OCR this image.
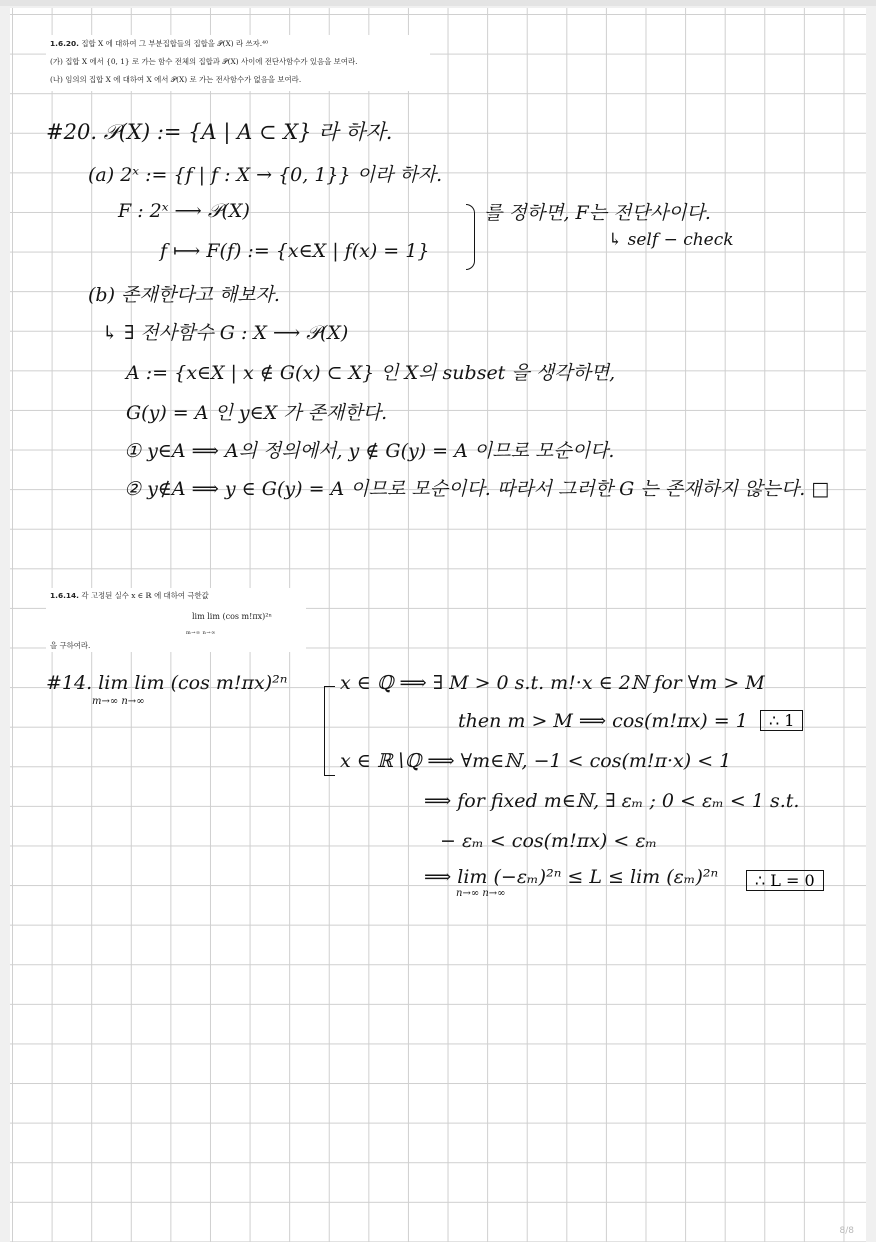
1.6.20. 집합 X 에 대하여 그 부분집합들의 집합을 𝒫(X) 라 쓰자.⁴⁰

(가) 집합 X 에서 {0, 1} 로 가는 함수 전체의 집합과 𝒫(X) 사이에 전단사함수가 있음을 보여라.

(나) 임의의 집합 X 에 대하여 X 에서 𝒫(X) 로 가는 전사함수가 없음을 보여라.

#20. 𝒫(X) := {A | A ⊂ X} 라 하자.
(a) 2ˣ := {f | f : X → {0, 1}} 이라 하자.
F : 2ˣ ⟶ 𝒫(X)
f ⟼ F(f) := {x∈X | f(x) = 1}
를 정하면, F는 전단사이다.
↳ self − check
(b) 존재한다고 해보자.
↳ ∃ 전사함수 G : X ⟶ 𝒫(X)
A := {x∈X | x ∉ G(x) ⊂ X} 인 X의 subset 을 생각하면,
G(y) = A 인 y∈X 가 존재한다.
① y∈A ⟹ A의 정의에서, y ∉ G(y) = A 이므로 모순이다.
② y∉A ⟹ y ∈ G(y) = A 이므로 모순이다. 따라서 그러한 G 는 존재하지 않는다. □
1.6.14. 각 고정된 실수 x ∈ ℝ 에 대하여 극한값
lim lim (cos m!πx)²ⁿ
m→∞ n→∞
을 구하여라.
#14. lim lim (cos m!πx)²ⁿ
m→∞ n→∞
x ∈ ℚ ⟹ ∃ M > 0 s.t. m!·x ∈ 2ℕ for ∀m > M
then m > M ⟹ cos(m!πx) = 1	∴ 1
x ∈ ℝ∖ℚ ⟹ ∀m∈ℕ, −1 < cos(m!π·x) < 1
⟹ for fixed m∈ℕ, ∃ εₘ ; 0 < εₘ < 1 s.t.
− εₘ < cos(m!πx) < εₘ
⟹ lim (−εₘ)²ⁿ ≤ L ≤ lim (εₘ)²ⁿ
n→∞ n→∞
∴ L = 0
8/8
